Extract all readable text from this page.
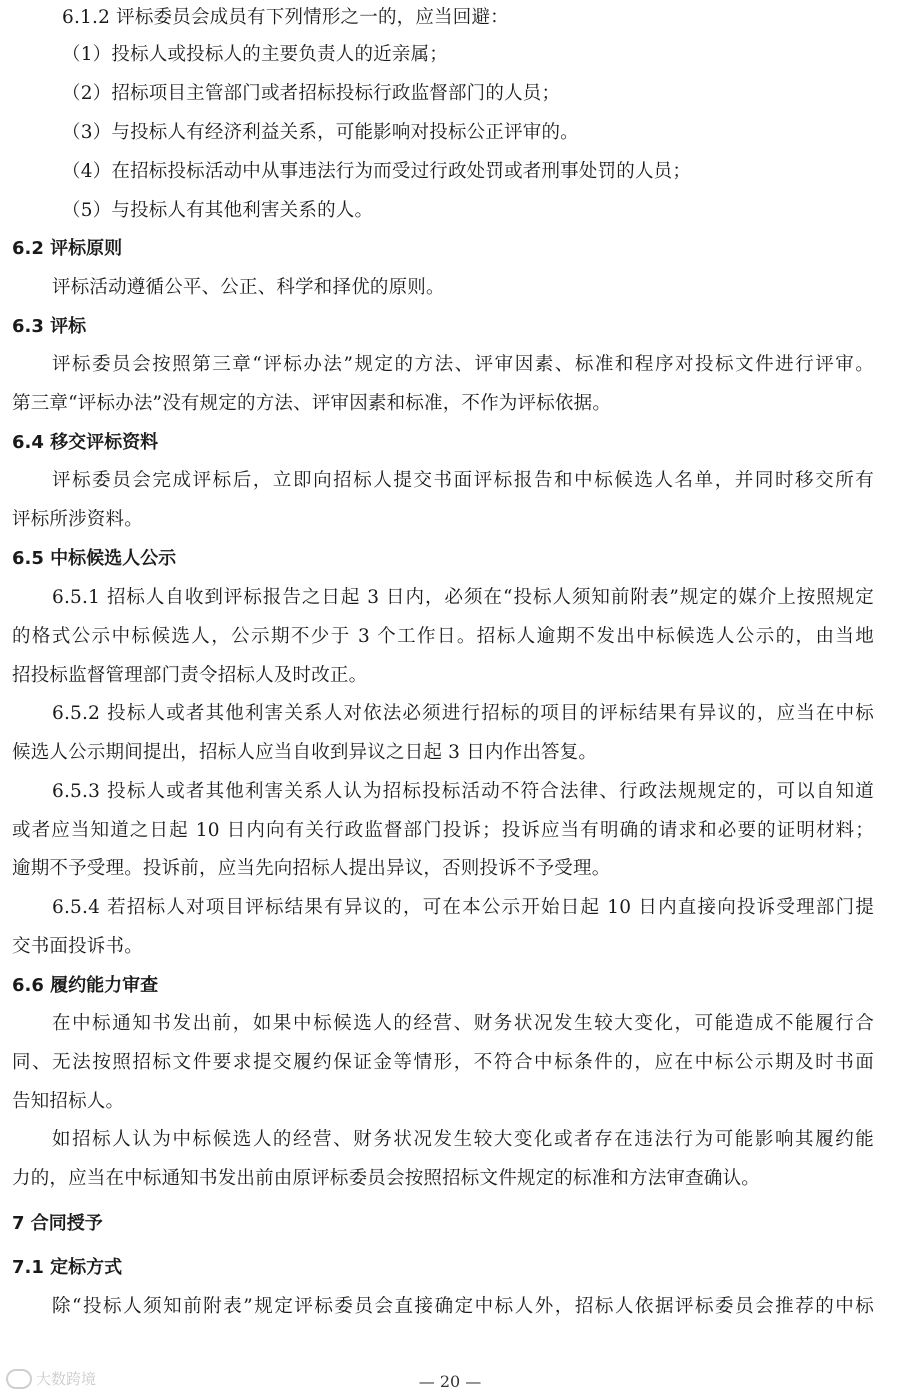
6.1.2 评标委员会成员有下列情形之一的，应当回避：
（1）投标人或投标人的主要负责人的近亲属；
（2）招标项目主管部门或者招标投标行政监督部门的人员；
（3）与投标人有经济利益关系，可能影响对投标公正评审的。
（4）在招标投标活动中从事违法行为而受过行政处罚或者刑事处罚的人员；
（5）与投标人有其他利害关系的人。
6.2 评标原则
评标活动遵循公平、公正、科学和择优的原则。
6.3 评标
评标委员会按照第三章“评标办法”规定的方法、评审因素、标准和程序对投标文件进行评审。
第三章“评标办法”没有规定的方法、评审因素和标准，不作为评标依据。
6.4 移交评标资料
评标委员会完成评标后，立即向招标人提交书面评标报告和中标候选人名单，并同时移交所有
评标所涉资料。
6.5 中标候选人公示
6.5.1 招标人自收到评标报告之日起 3 日内，必须在“投标人须知前附表”规定的媒介上按照规定
的格式公示中标候选人，公示期不少于 3 个工作日。招标人逾期不发出中标候选人公示的，由当地
招投标监督管理部门责令招标人及时改正。
6.5.2 投标人或者其他利害关系人对依法必须进行招标的项目的评标结果有异议的，应当在中标
候选人公示期间提出，招标人应当自收到异议之日起 3 日内作出答复。
6.5.3 投标人或者其他利害关系人认为招标投标活动不符合法律、行政法规规定的，可以自知道
或者应当知道之日起 10 日内向有关行政监督部门投诉；投诉应当有明确的请求和必要的证明材料；
逾期不予受理。投诉前，应当先向招标人提出异议，否则投诉不予受理。
6.5.4 若招标人对项目评标结果有异议的，可在本公示开始日起 10 日内直接向投诉受理部门提
交书面投诉书。
6.6 履约能力审查
在中标通知书发出前，如果中标候选人的经营、财务状况发生较大变化，可能造成不能履行合
同、无法按照招标文件要求提交履约保证金等情形，不符合中标条件的，应在中标公示期及时书面
告知招标人。
如招标人认为中标候选人的经营、财务状况发生较大变化或者存在违法行为可能影响其履约能
力的，应当在中标通知书发出前由原评标委员会按照招标文件规定的标准和方法审查确认。
7 合同授予
7.1 定标方式
除“投标人须知前附表”规定评标委员会直接确定中标人外，招标人依据评标委员会推荐的中标
— 20 —
大数跨境
